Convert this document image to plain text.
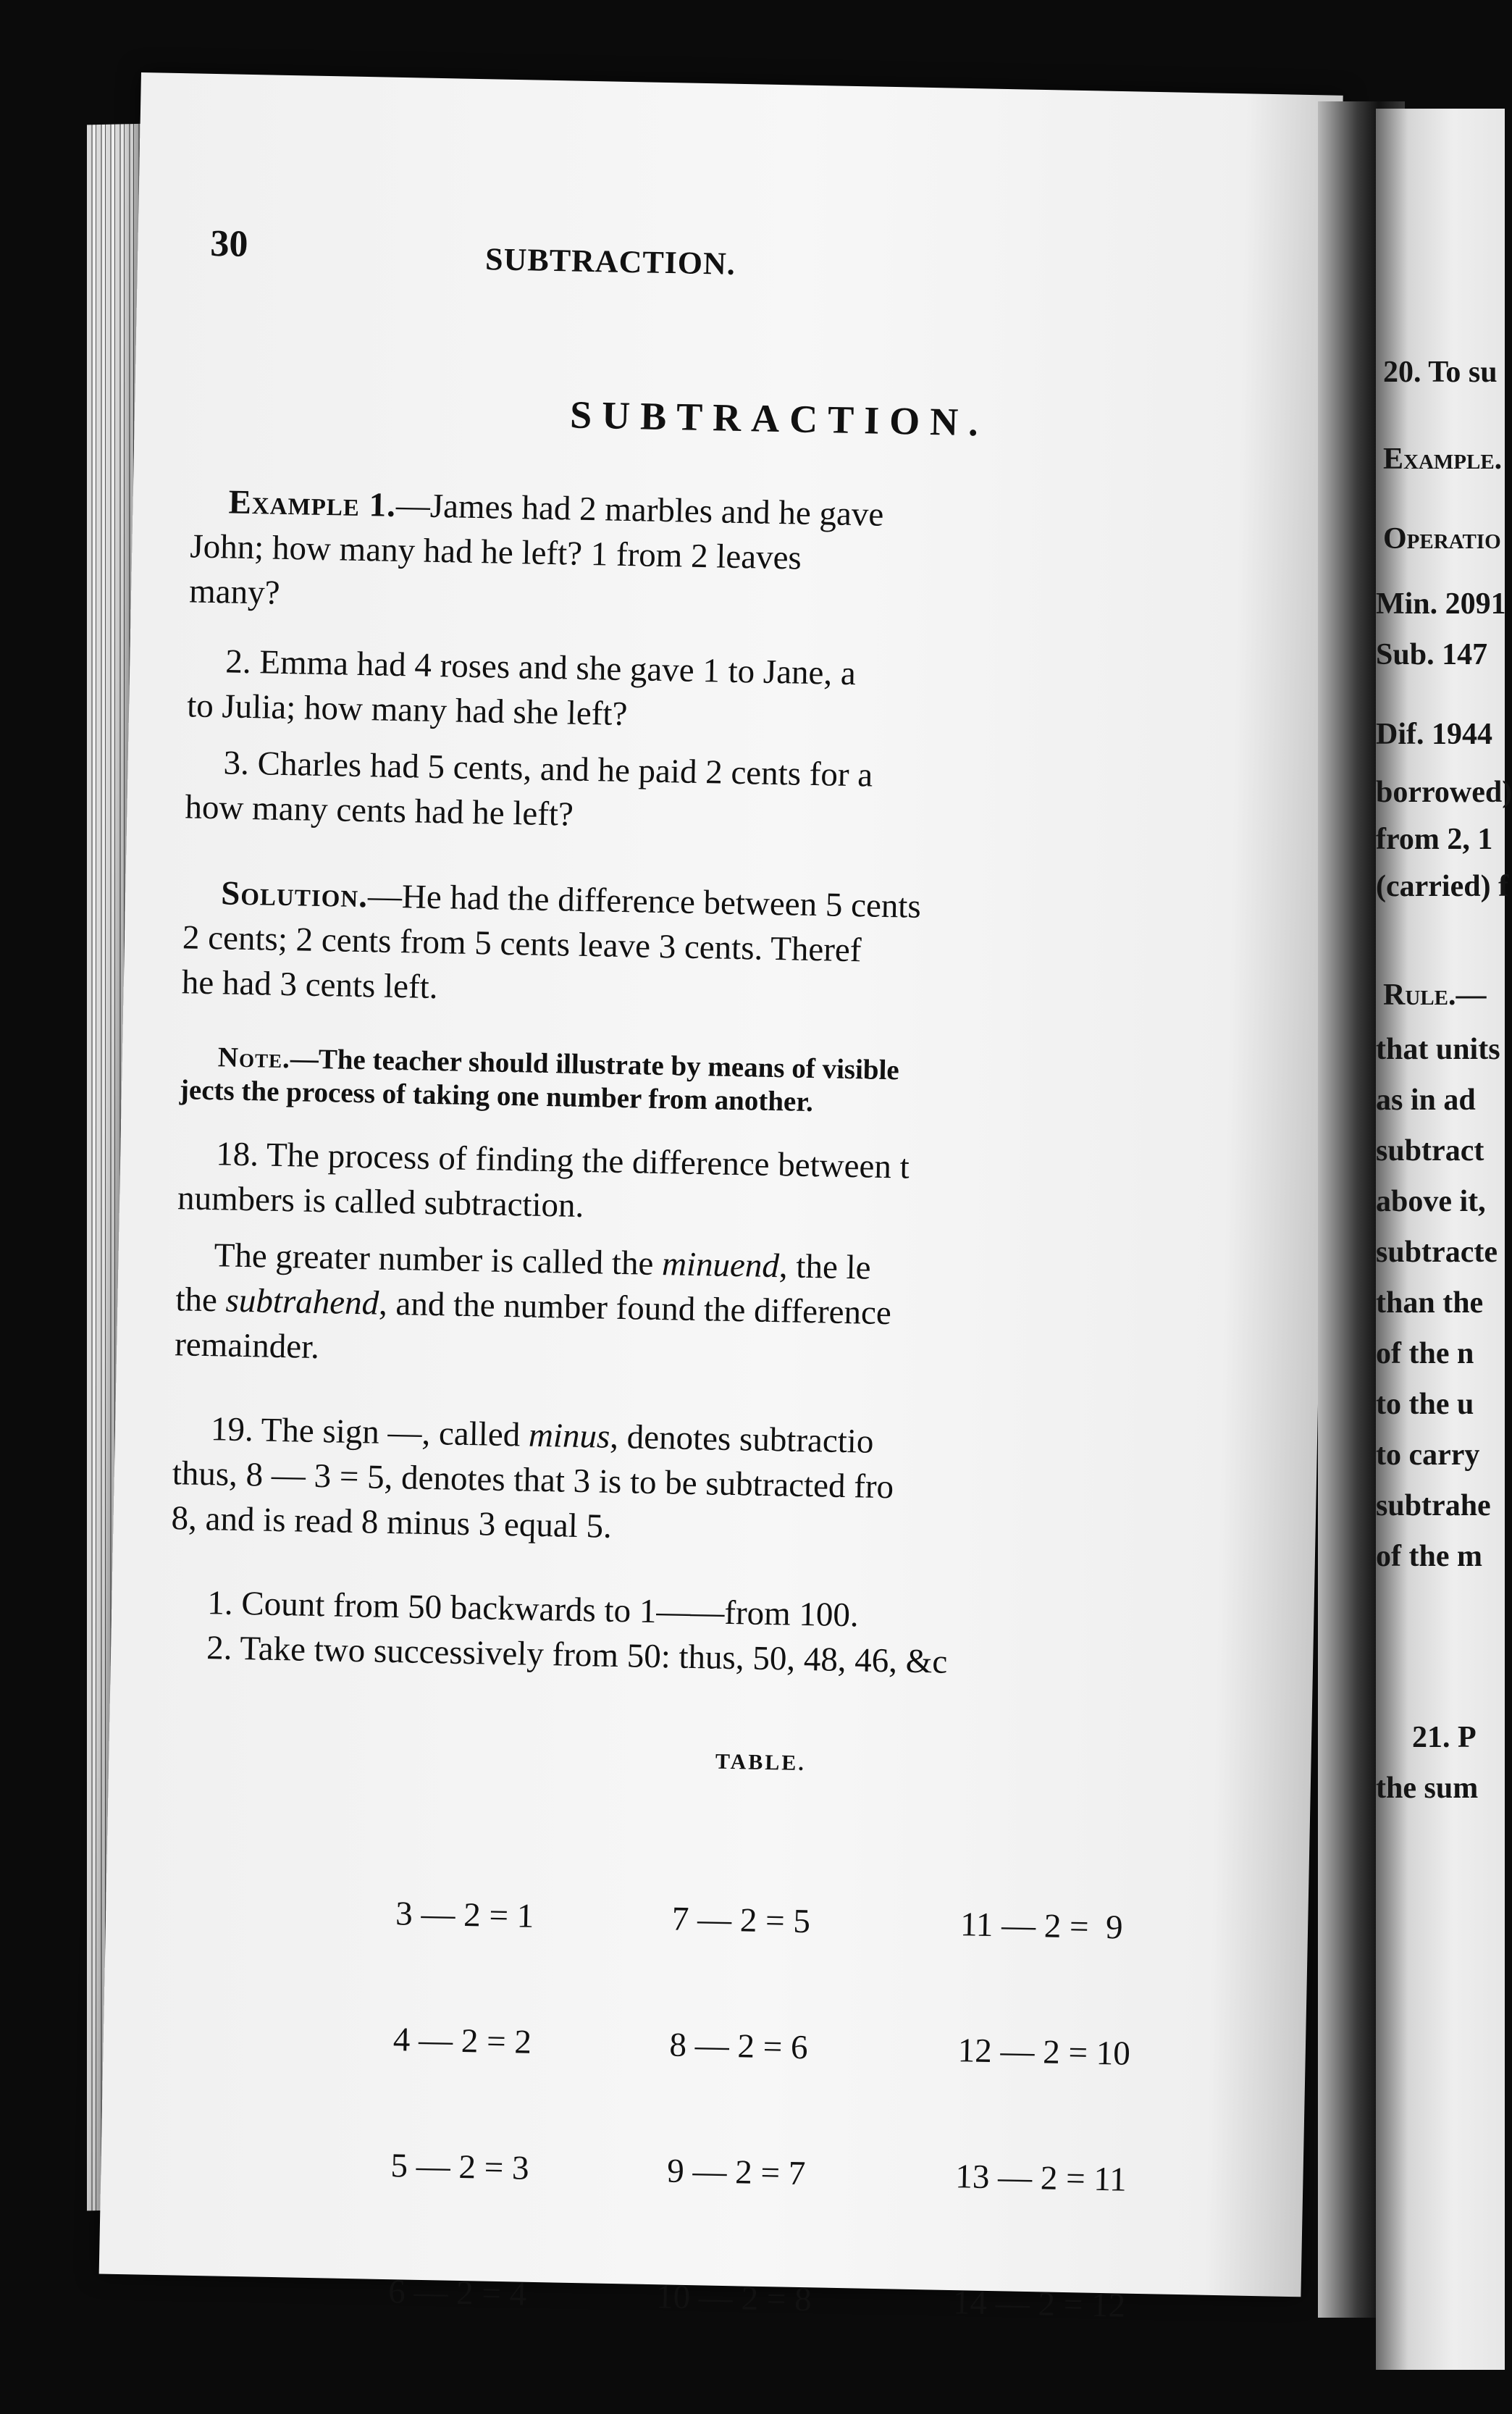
30	SUBTRACTION.
SUBTRACTION.
Example 1.—James had 2 marbles and he gave
John; how many had he left? 1 from 2 leaves
many?
2. Emma had 4 roses and she gave 1 to Jane, a
to Julia; how many had she left?
3. Charles had 5 cents, and he paid 2 cents for a
how many cents had he left?
Solution.—He had the difference between 5 cents
2 cents; 2 cents from 5 cents leave 3 cents. Theref
he had 3 cents left.
Note.—The teacher should illustrate by means of visible
jects the process of taking one number from another.
18. The process of finding the difference between t
numbers is called subtraction.
The greater number is called the minuend, the le
the subtrahend, and the number found the difference
remainder.
19. The sign —, called minus, denotes subtractio
thus, 8 — 3 = 5, denotes that 3 is to be subtracted fro
8, and is read 8 minus 3 equal 5.
1. Count from 50 backwards to 1——from 100.
2. Take two successively from 50: thus, 50, 48, 46, &c
TABLE.

3 — 2 = 1

4 — 2 = 2

5 — 2 = 3

6 — 2 = 4

7 — 2 = 5

8 — 2 = 6

9 — 2 = 7

10 — 2 = 8

11 — 2 =  9

12 — 2 = 10

13 — 2 = 11

14 — 2 = 12

20. To su
Example.
Operatio
Min. 2091
Sub. 147
Dif. 1944
borrowed)
from 2, 1
(carried) f
Rule.—
that units
as in ad
subtract
above it,
subtracte
than the
of the n
to the u
to carry
subtrahe
of the m
21. P
the sum
